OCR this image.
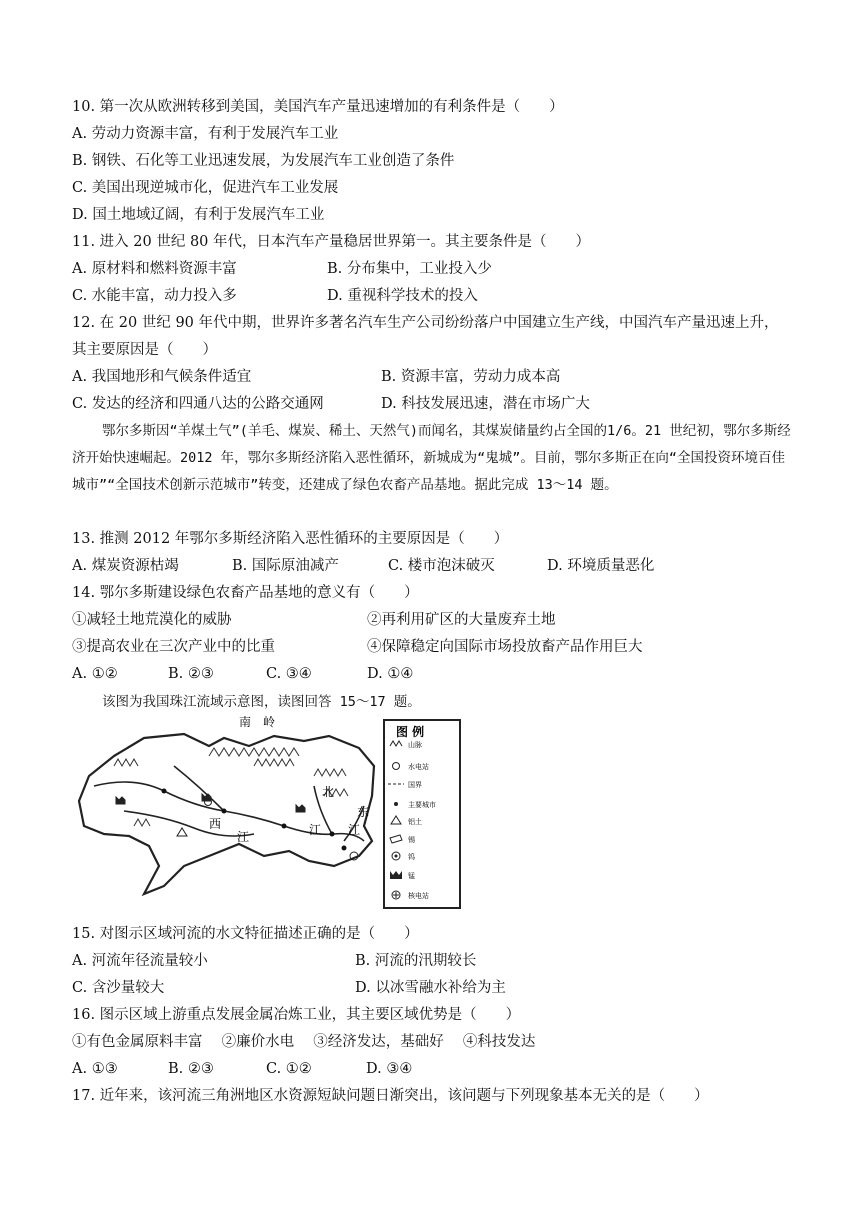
10. 第一次从欧洲转移到美国，美国汽车产量迅速增加的有利条件是（　　）
A. 劳动力资源丰富，有利于发展汽车工业
B. 钢铁、石化等工业迅速发展，为发展汽车工业创造了条件
C. 美国出现逆城市化，促进汽车工业发展
D. 国土地域辽阔，有利于发展汽车工业
11. 进入 20 世纪 80 年代，日本汽车产量稳居世界第一。其主要条件是（　　）
A. 原材料和燃料资源丰富	B. 分布集中，工业投入少
C. 水能丰富，动力投入多	D. 重视科学技术的投入
12. 在 20 世纪 90 年代中期，世界许多著名汽车生产公司纷纷落户中国建立生产线，中国汽车产量迅速上升，
其主要原因是（　　）
A. 我国地形和气候条件适宜	B. 资源丰富，劳动力成本高
C. 发达的经济和四通八达的公路交通网	D. 科技发展迅速，潜在市场广大
鄂尔多斯因“羊煤土气”(羊毛、煤炭、稀土、天然气)而闻名，其煤炭储量约占全国的1/6。21 世纪初，鄂尔多斯经济开始快速崛起。2012 年，鄂尔多斯经济陷入恶性循环，新城成为“鬼城”。目前，鄂尔多斯正在向“全国投资环境百佳城市”“全国技术创新示范城市”转变，还建成了绿色农畜产品基地。据此完成 13～14 题。
13. 推测 2012 年鄂尔多斯经济陷入恶性循环的主要原因是（　　）
A. 煤炭资源枯竭	B. 国际原油减产	C. 楼市泡沫破灭	D. 环境质量恶化
14. 鄂尔多斯建设绿色农畜产品基地的意义有（　　）
①减轻土地荒漠化的威胁	②再利用矿区的大量废弃土地
③提高农业在三次产业中的比重	④保障稳定向国际市场投放畜产品作用巨大
A. ①②	B. ②③	C. ③④	D. ①④
该图为我国珠江流域示意图，读图回答 15～17 题。
南　岭
西
江
北
江
东
江
图 例
山脉
水电站
国界
主要城市
铝土
锡
钨
锰
核电站
15. 对图示区域河流的水文特征描述正确的是（　　）
A. 河流年径流量较小	B. 河流的汛期较长
C. 含沙量较大	D. 以冰雪融水补给为主
16. 图示区域上游重点发展金属冶炼工业，其主要区域优势是（　　）
①有色金属原料丰富　 ②廉价水电　 ③经济发达，基础好　 ④科技发达
A. ①③	B. ②③	C. ①②	D. ③④
17. 近年来，该河流三角洲地区水资源短缺问题日渐突出，该问题与下列现象基本无关的是（　　）
